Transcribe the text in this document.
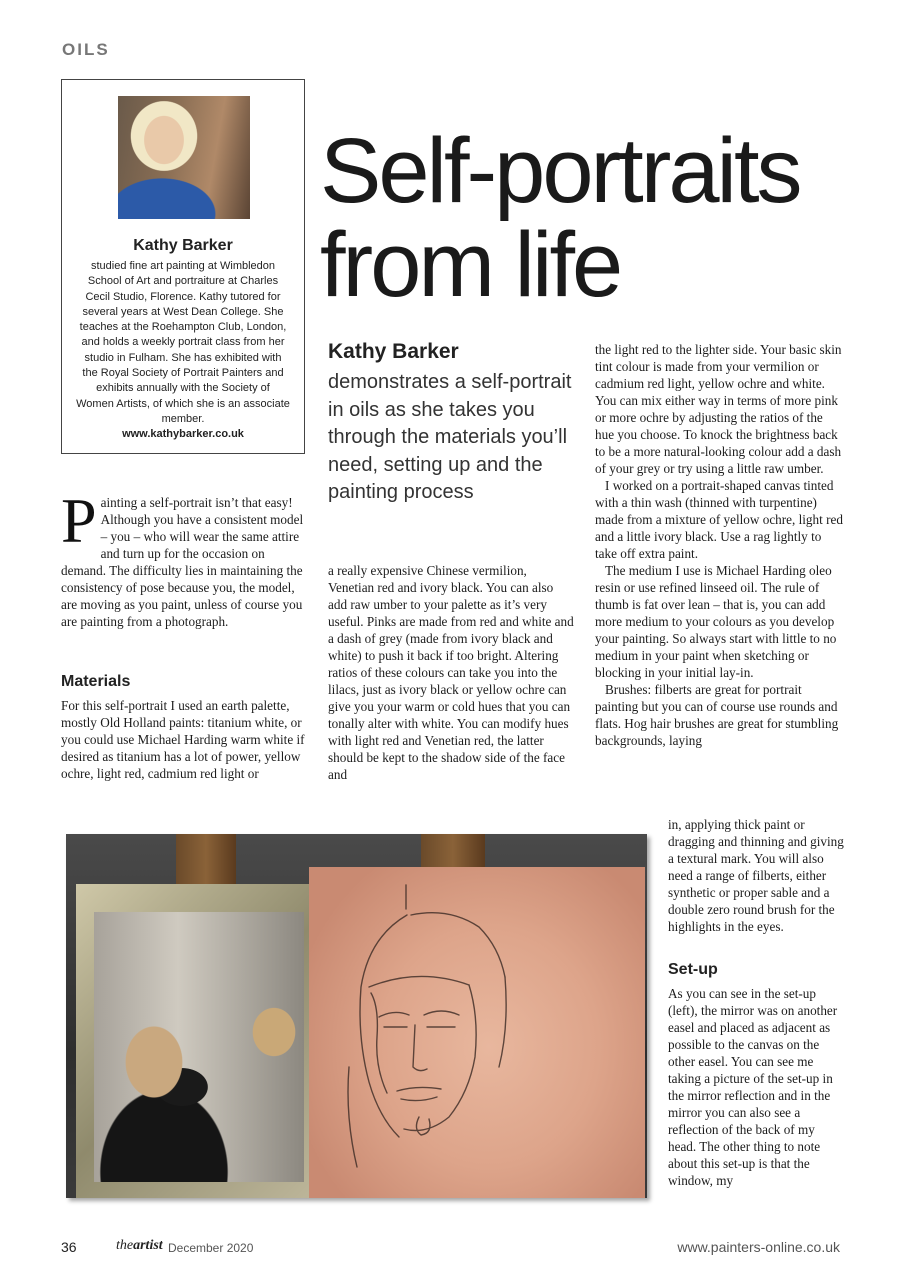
OILS
Kathy Barker
studied fine art painting at Wimbledon School of Art and portraiture at Charles Cecil Studio, Florence. Kathy tutored for several years at West Dean College. She teaches at the Roehampton Club, London, and holds a weekly portrait class from her studio in Fulham. She has exhibited with the Royal Society of Portrait Painters and exhibits annually with the Society of Women Artists, of which she is an associate member.
www.kathybarker.co.uk
Self-portraits
from life
Kathy Barker
demonstrates a self-portrait in oils as she takes you through the materials you’ll need, setting up and the painting process
Painting a self-portrait isn’t that easy! Although you have a consistent model – you – who will wear the same attire and turn up for the occasion on demand. The difficulty lies in maintaining the consistency of pose because you, the model, are moving as you paint, unless of course you are painting from a photograph.
Materials

For this self-portrait I used an earth palette, mostly Old Holland paints: titanium white, or you could use Michael Harding warm white if desired as titanium has a lot of power, yellow ochre, light red, cadmium red light or

a really expensive Chinese vermilion, Venetian red and ivory black. You can also add raw umber to your palette as it’s very useful. Pinks are made from red and white and a dash of grey (made from ivory black and white) to push it back if too bright. Altering ratios of these colours can take you into the lilacs, just as ivory black or yellow ochre can give you your warm or cold hues that you can tonally alter with white. You can modify hues with light red and Venetian red, the latter should be kept to the shadow side of the face and

the light red to the lighter side. Your basic skin tint colour is made from your vermilion or cadmium red light, yellow ochre and white. You can mix either way in terms of more pink or more ochre by adjusting the ratios of the hue you choose. To knock the brightness back to be a more natural-looking colour add a dash of your grey or try using a little raw umber.

I worked on a portrait-shaped canvas tinted with a thin wash (thinned with turpentine) made from a mixture of yellow ochre, light red and a little ivory black. Use a rag lightly to take off extra paint.

The medium I use is Michael Harding oleo resin or use refined linseed oil. The rule of thumb is fat over lean – that is, you can add more medium to your colours as you develop your painting. So always start with little to no medium in your paint when sketching or blocking in your initial lay-in.

Brushes: filberts are great for portrait painting but you can of course use rounds and flats. Hog hair brushes are great for stumbling backgrounds, laying

in, applying thick paint or dragging and thinning and giving a textural mark. You will also need a range of filberts, either synthetic or proper sable and a double zero round brush for the highlights in the eyes.

Set-up

As you can see in the set-up (left), the mirror was on another easel and placed as adjacent as possible to the canvas on the other easel. You can see me taking a picture of the set-up in the mirror reflection and in the mirror you can also see a reflection of the back of my head. The other thing to note about this set-up is that the window, my

36	theartist December 2020	www.painters-online.co.uk
